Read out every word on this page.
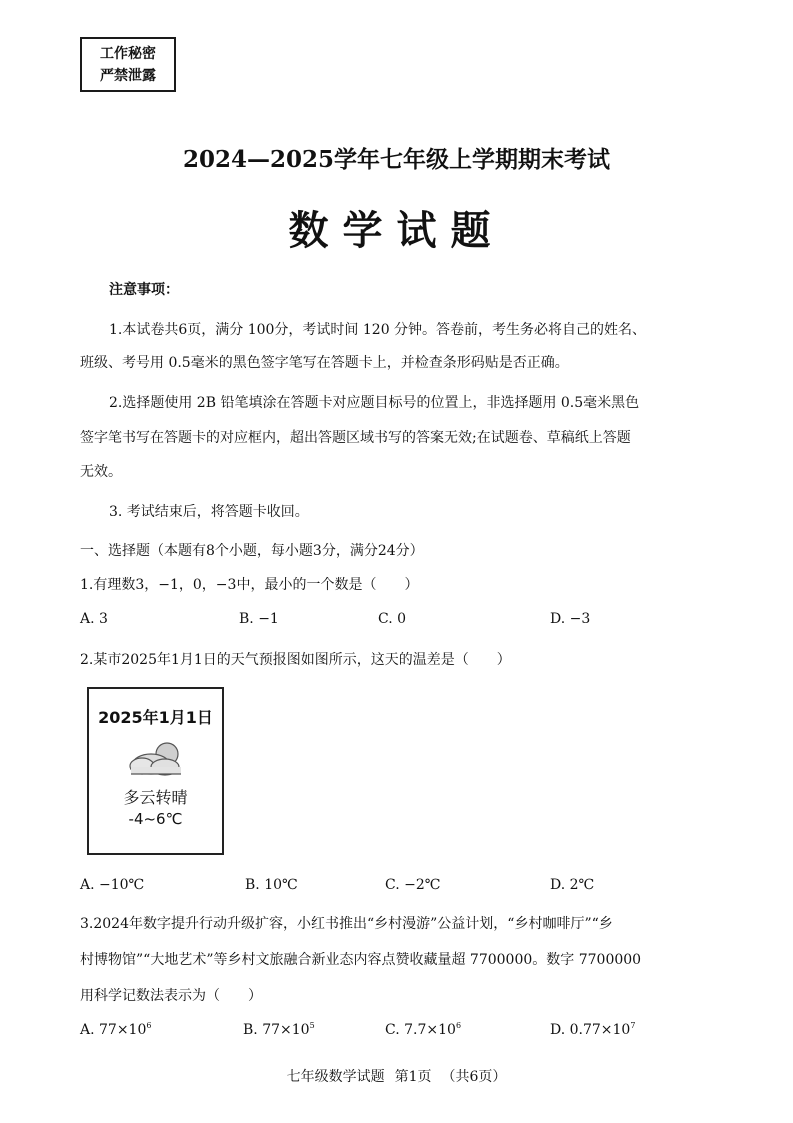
工作秘密
严禁泄露
2024—2025学年七年级上学期期末考试
数学试题
注意事项：
1.本试卷共6页，满分 100分，考试时间 120 分钟。答卷前，考生务必将自己的姓名、
班级、考号用 0.5毫米的黑色签字笔写在答题卡上，并检查条形码贴是否正确。
2.选择题使用 2B 铅笔填涂在答题卡对应题目标号的位置上，非选择题用 0.5毫米黑色
签字笔书写在答题卡的对应框内，超出答题区域书写的答案无效;在试题卷、草稿纸上答题
无效。
3. 考试结束后，将答题卡收回。
一、选择题（本题有8个小题，每小题3分，满分24分）
1.有理数3，−1，0，−3中，最小的一个数是（　　）
A. 3	B. −1	C. 0	D. −3
2.某市2025年1月1日的天气预报图如图所示，这天的温差是（　　）
2025年1月1日
多云转晴
-4~6℃
A. −10℃	B. 10℃	C. −2℃	D. 2℃
3.2024年数字提升行动升级扩容，小红书推出“乡村漫游”公益计划，“乡村咖啡厅”“乡
村博物馆”“大地艺术”等乡村文旅融合新业态内容点赞收藏量超 7700000。数字 7700000
用科学记数法表示为（　　）
A. $77\times 10^6$	B. $77\times 10^5$	C. $7.7\times 10^6$	D. $0.77\times 10^7$
七年级数学试题 第1页 （共6页）
